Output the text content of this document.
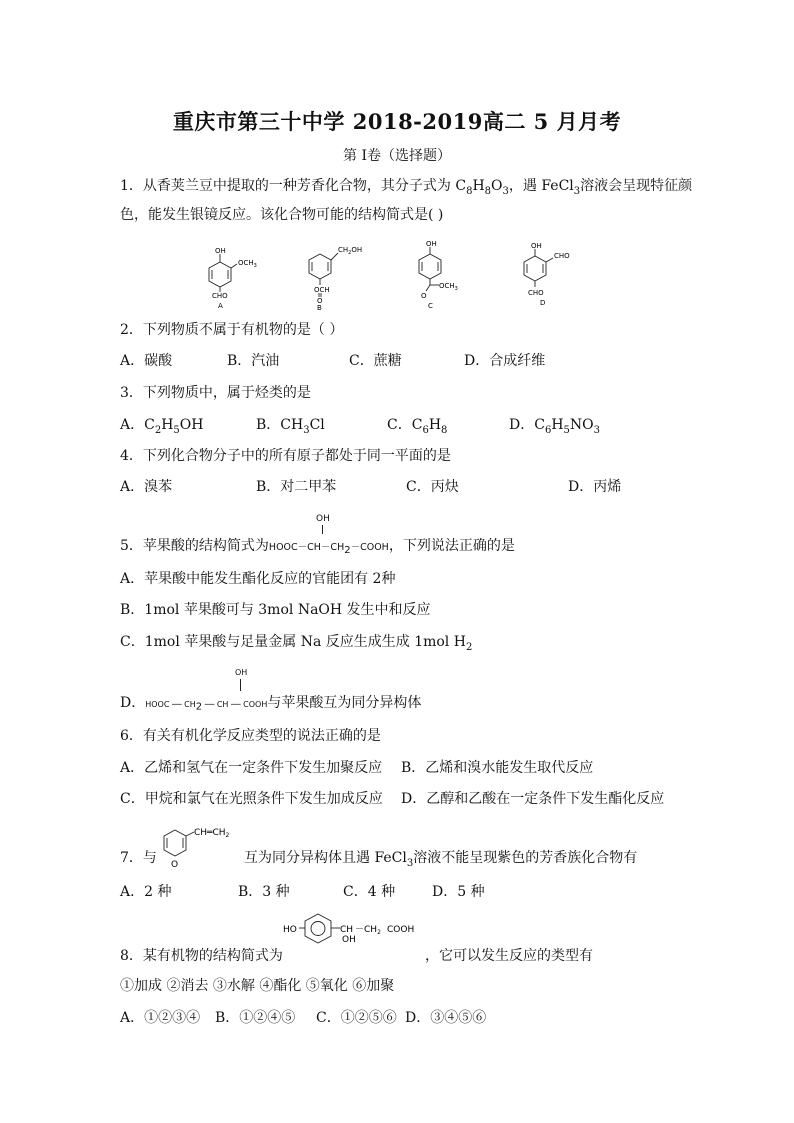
重庆市第三十中学 2018-2019高二 5 月月考
第 I卷（选择题）
1．从香荚兰豆中提取的一种芳香化合物，其分子式为 $C_8H_8O_3$，遇 FeCl$_3$溶液会呈现特征颜
色，能发生银镜反应。该化合物可能的结构简式是( )
OH
$OCH_3$
CHO
A
$CH_2OH$
OCH
O
B
OH
O
$OCH_3$
C
OH
CHO
CHO
D
2．下列物质不属于有机物的是（ ）
A．碳酸	B．汽油	C．蔗糖	D．合成纤维
3．下列物质中，属于烃类的是
A．$C_2H_5OH$	B．$CH_3Cl$	C．$C_6H_8$	D．$C_6H_5NO_3$
4．下列化合物分子中的所有原子都处于同一平面的是
A．溴苯	B．对二甲苯	C．丙炔	D．丙烯
OH
5．苹果酸的结构简式为$HOOC-CH-CH_2-COOH$，下列说法正确的是
A．苹果酸中能发生酯化反应的官能团有 2种
B．1mol 苹果酸可与 3mol NaOH 发生中和反应
C．1mol 苹果酸与足量金属 Na 反应生成生成 1mol $H_2$
OH
D．HOOC ── $CH_2$ ── CH ── COOH与苹果酸互为同分异构体
6．有关有机化学反应类型的说法正确的是
A．乙烯和氢气在一定条件下发生加聚反应 B．乙烯和溴水能发生取代反应
C．甲烷和氯气在光照条件下发生加成反应 D．乙醇和乙酸在一定条件下发生酯化反应
O
$CH═CH_2$
7．与	互为同分异构体且遇 FeCl$_3$溶液不能呈现紫色的芳香族化合物有
A．2 种	B．3 种	C．4 种	D．5 种
HO	CH $-CH_2$ COOH
OH
8．某有机物的结构简式为	，它可以发生反应的类型有
①加成 ②消去 ③水解 ④酯化 ⑤氧化 ⑥加聚
A．①②③④ B．①②④⑤ C．①②⑤⑥ D．③④⑤⑥
